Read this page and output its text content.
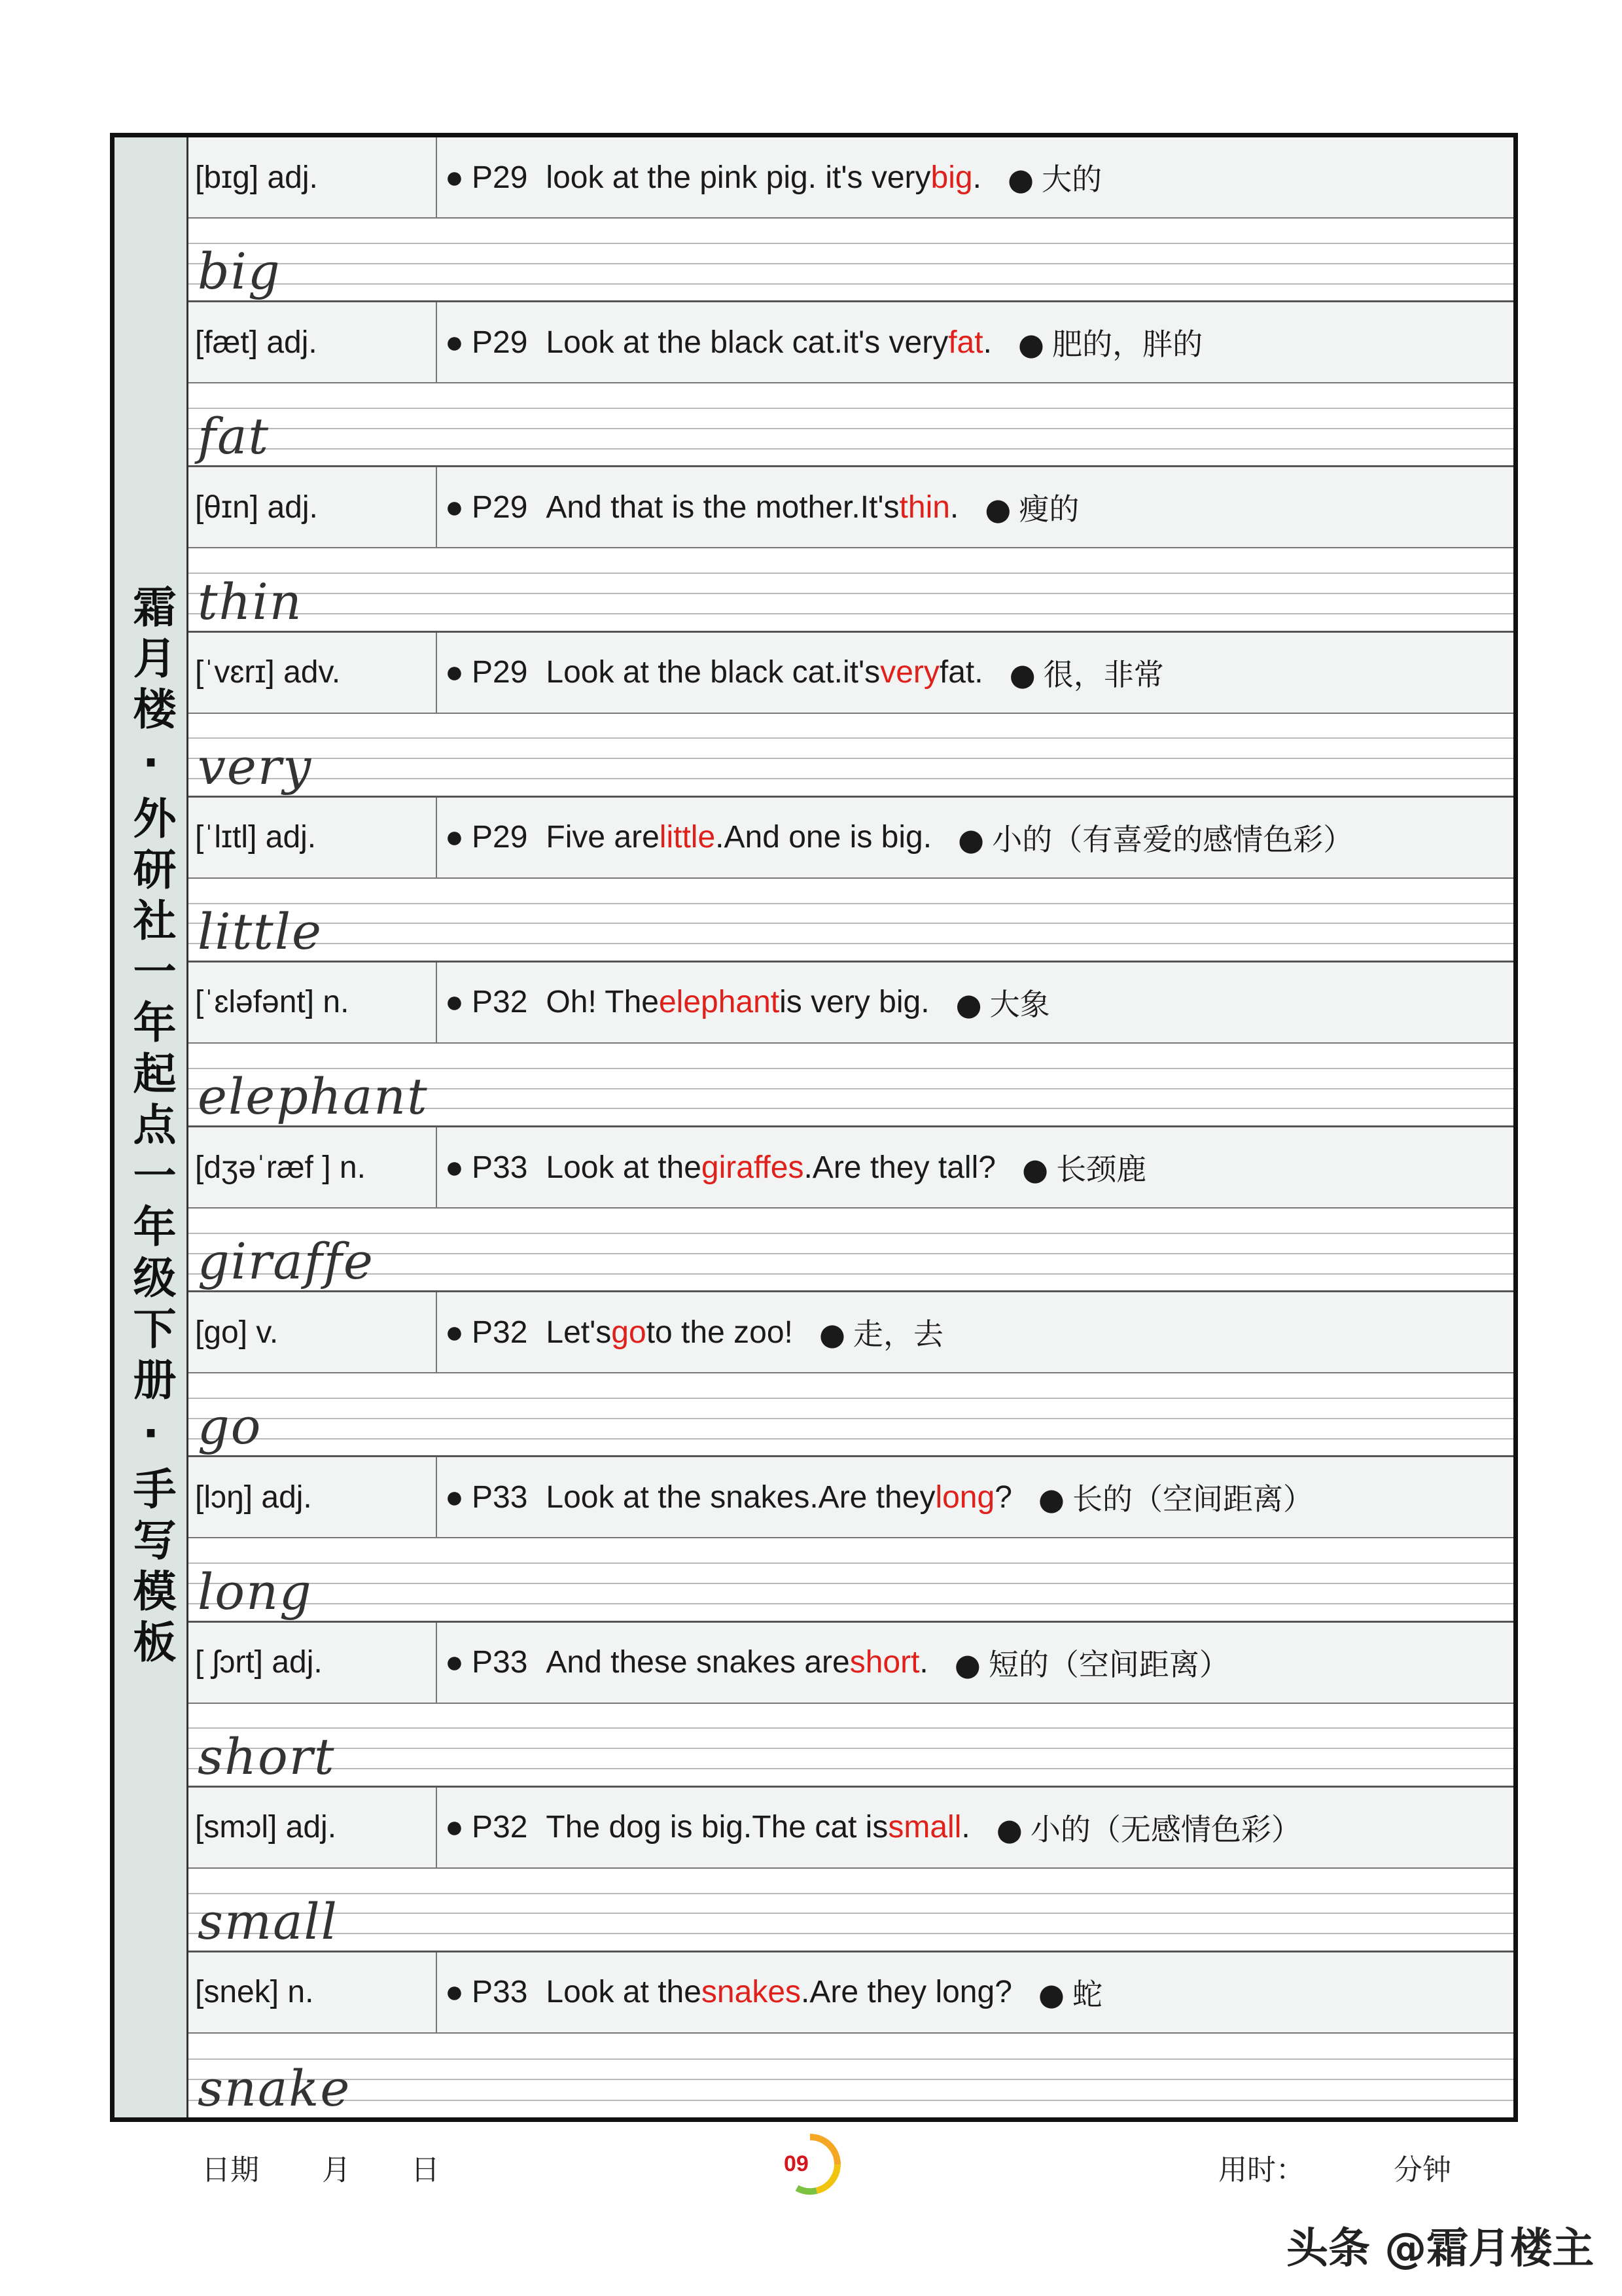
霜月楼·外研社一年起点一年级下册·手写模板
[bɪg] adj.	● P29 look at the pink pig. it's very big . ● 大的
big
[fæt] adj.	● P29 Look at the black cat.it's very fat . ● 肥的，胖的
fat
[θɪn] adj.	● P29 And that is the mother.It's thin . ● 瘦的
thin
[ˈvɛrɪ] adv.	● P29 Look at the black cat.it's very fat. ● 很，非常
very
[ˈlɪtl] adj.	● P29 Five are little .And one is big. ● 小的（有喜爱的感情色彩）
little
[ˈɛləfənt] n.	● P32 Oh! The elephant is very big. ● 大象
elephant
[dʒəˈræf ] n.	● P33 Look at the giraffes .Are they tall? ● 长颈鹿
giraffe
[go] v.	● P32 Let's go to the zoo! ● 走，去
go
[lɔŋ] adj.	● P33 Look at the snakes.Are they long ? ● 长的（空间距离）
long
[ ʃɔrt] adj.	● P33 And these snakes are short . ● 短的（空间距离）
short
[smɔl] adj.	● P32 The dog is big.The cat is small . ● 小的（无感情色彩）
small
[snek] n.	● P33 Look at the snakes .Are they long? ● 蛇
snake
日期 月 日	09	用时：	分钟
头条 @霜月楼主
